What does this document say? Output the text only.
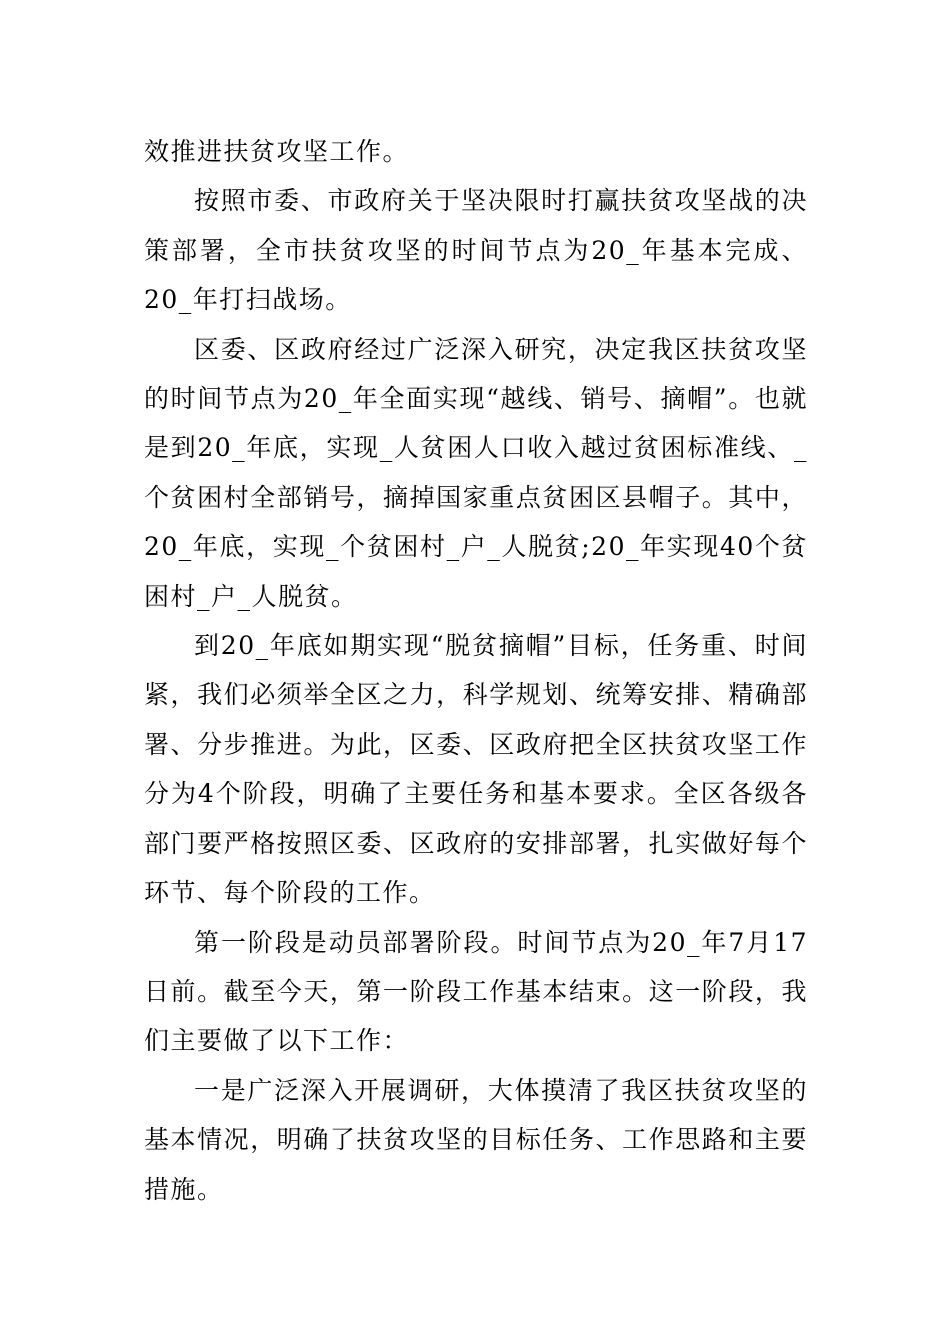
效推进扶贫攻坚工作。

按照市委、市政府关于坚决限时打赢扶贫攻坚战的决策部署，全市扶贫攻坚的时间节点为20_年基本完成、20_年打扫战场。

区委、区政府经过广泛深入研究，决定我区扶贫攻坚的时间节点为20_年全面实现“越线、销号、摘帽”。也就是到20_年底，实现_人贫困人口收入越过贫困标准线、_个贫困村全部销号，摘掉国家重点贫困区县帽子。其中，20_年底，实现_个贫困村_户_人脱贫;20_年实现40个贫困村_户_人脱贫。

到20_年底如期实现“脱贫摘帽”目标，任务重、时间紧，我们必须举全区之力，科学规划、统筹安排、精确部署、分步推进。为此，区委、区政府把全区扶贫攻坚工作分为4个阶段，明确了主要任务和基本要求。全区各级各部门要严格按照区委、区政府的安排部署，扎实做好每个环节、每个阶段的工作。

第一阶段是动员部署阶段。时间节点为20_年7月17日前。截至今天，第一阶段工作基本结束。这一阶段，我们主要做了以下工作：

一是广泛深入开展调研，大体摸清了我区扶贫攻坚的基本情况，明确了扶贫攻坚的目标任务、工作思路和主要措施。
